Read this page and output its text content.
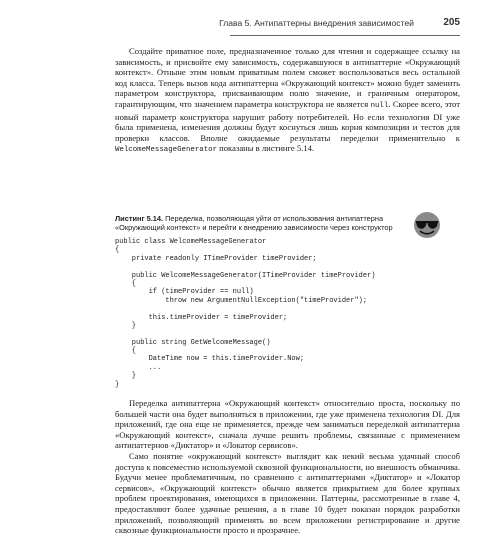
Глава 5. Антипаттерны внедрения зависимостей	205

Создайте приватное поле, предназначенное только для чтения и содержащее ссылку на зависимость, и присвойте ему зависимость, содержавшуюся в антипаттерне «Окружающий контекст». Отныне этим новым приватным полем сможет воспользоваться весь остальной код класса. Теперь вызов кода антипаттерна «Окружающий контекст» можно будет заменить параметром конструктора, присваивающим полю значение, и граничным оператором, гарантирующим, что значением параметра конструктора не является null. Скорее всего, этот новый параметр конструктора нарушит работу потребителей. Но если технология DI уже была применена, изменения должны будут коснуться лишь корня композиции и тестов для проверки классов. Вполне ожидаемые результаты переделки применительно к WelcomeMessageGenerator показаны в листинге 5.14.

Листинг 5.14. Переделка, позволяющая уйти от использования антипаттерна «Окружающий контекст» и перейти к внедрению зависимости через конструктор
public class WelcomeMessageGenerator
{
private readonly ITimeProvider timeProvider;

public WelcomeMessageGenerator(ITimeProvider timeProvider)
{
if (timeProvider == null)
throw new ArgumentNullException("timeProvider");

this.timeProvider = timeProvider;
}

public string GetWelcomeMessage()
{
DateTime now = this.timeProvider.Now;
...
}
}

Переделка антипаттерна «Окружающий контекст» относительно проста, поскольку по большей части она будет выполняться в приложении, где уже применена технология DI. Для приложений, где она еще не применяется, прежде чем заниматься переделкой антипаттерна «Окружающий контекст», сначала лучше решить проблемы, связанные с применением антипаттернов «Диктатор» и «Локатор сервисов».

Само понятие «окружающий контекст» выглядит как некий весьма удачный способ доступа к повсеместно используемой сквозной функциональности, но внешность обманчива. Будучи менее проблематичным, по сравнению с антипаттернами «Диктатор» и «Локатор сервисов», «Окружающий контекст» обычно является прикрытием для более крупных проблем проектирования, имеющихся в приложении. Паттерны, рассмотренные в главе 4, предоставляют более удачные решения, а в главе 10 будет показан порядок разработки приложений, позволяющий применять во всем приложении регистрирование и другие сквозные функциональности просто и прозрачнее.
